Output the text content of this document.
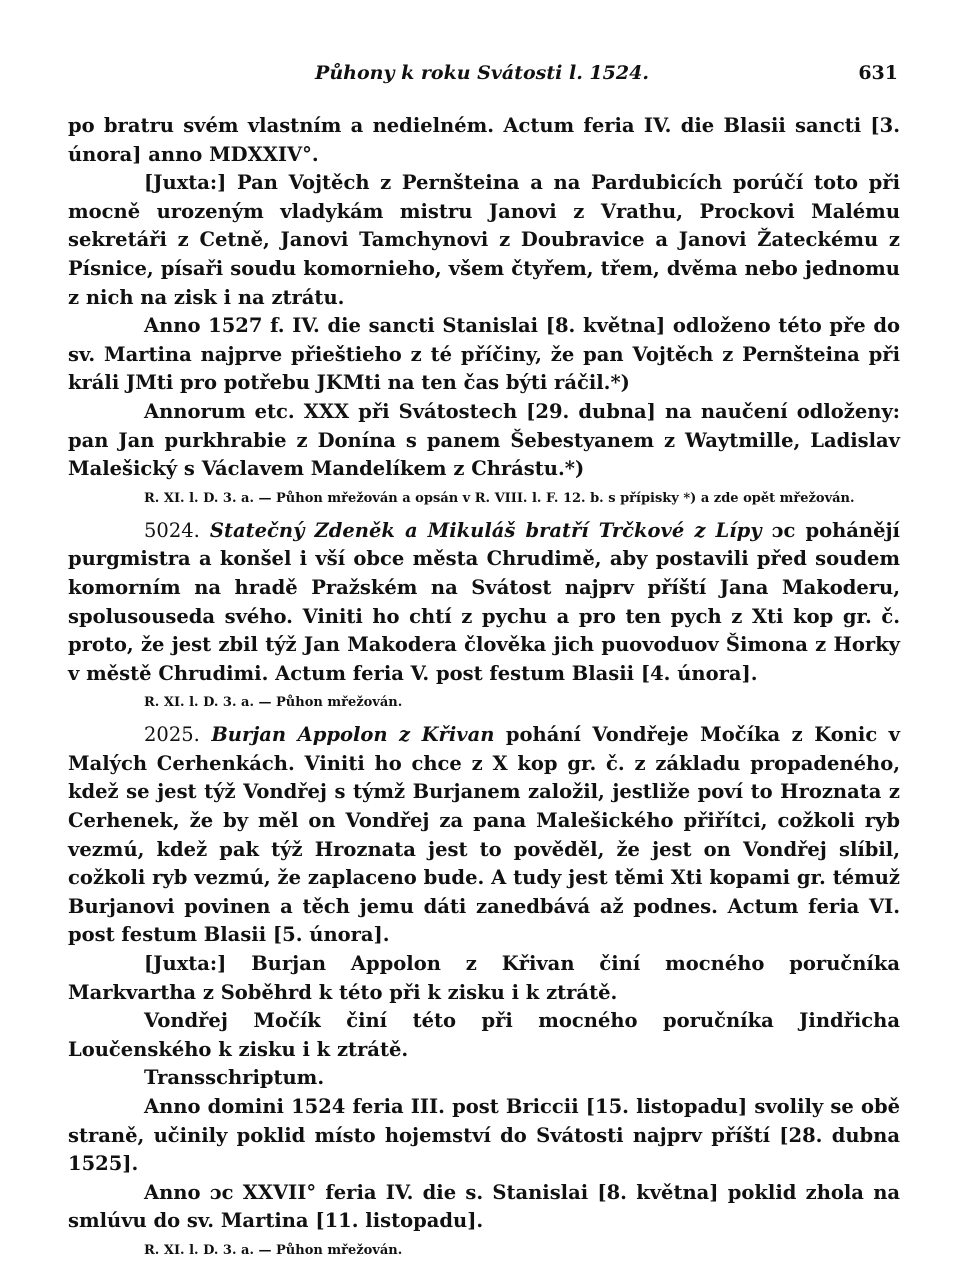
Půhony k roku Svátosti l. 1524.	631

po bratru svém vlastním a nedielném. Actum feria IV. die Blasii sancti [3. února] anno MDXXIV°.

[Juxta:] Pan Vojtěch z Pernšteina a na Pardubicích porúčí toto při mocně urozeným vladykám mistru Janovi z Vrathu, Prockovi Malému sekretáři z Cetně, Janovi Tamchynovi z Doubravice a Janovi Žateckému z Písnice, písaři soudu komornieho, všem čtyřem, třem, dvěma nebo jednomu z nich na zisk i na ztrátu.

Anno 1527 f. IV. die sancti Stanislai [8. května] odloženo této pře do sv. Martina najprve přieštieho z té příčiny, že pan Vojtěch z Pernšteina při králi JMti pro potřebu JKMti na ten čas býti ráčil.*)

Annorum etc. XXX při Svátostech [29. dubna] na naučení odloženy: pan Jan purkhrabie z Donína s panem Šebestyanem z Waytmille, Ladislav Malešický s Václavem Mandelíkem z Chrástu.*)

R. XI. l. D. 3. a. — Půhon mřežován a opsán v R. VIII. l. F. 12. b. s přípisky *) a zde opět mřežován.

5024. Statečný Zdeněk a Mikuláš bratří Trčkové z Lípy ɔc pohánějí purgmistra a konšel i vší obce města Chrudimě, aby postavili před soudem komorním na hradě Pražském na Svátost najprv příští Jana Makoderu, spolusouseda svého. Viniti ho chtí z pychu a pro ten pych z Xti kop gr. č. proto, že jest zbil týž Jan Makodera člověka jich puovoduov Šimona z Horky v městě Chrudimi. Actum feria V. post festum Blasii [4. února].

R. XI. l. D. 3. a. — Půhon mřežován.

2025. Burjan Appolon z Křivan pohání Vondřeje Močíka z Konic v Malých Cerhenkách. Viniti ho chce z X kop gr. č. z základu propadeného, kdež se jest týž Vondřej s týmž Burjanem založil, jestliže poví to Hroznata z Cerhenek, že by měl on Vondřej za pana Malešického přiřítci, cožkoli ryb vezmú, kdež pak týž Hroznata jest to pověděl, že jest on Vondřej slíbil, cožkoli ryb vezmú, že zaplaceno bude. A tudy jest těmi Xti kopami gr. témuž Burjanovi povinen a těch jemu dáti zanedbává až podnes. Actum feria VI. post festum Blasii [5. února].

[Juxta:] Burjan Appolon z Křivan činí mocného poručníka Markvartha z Soběhrd k této při k zisku i k ztrátě.

Vondřej Močík činí této při mocného poručníka Jindřicha Loučenského k zisku i k ztrátě.

Transschriptum.

Anno domini 1524 feria III. post Briccii [15. listopadu] svolily se obě straně, učinily poklid místo hojemství do Svátosti najprv příští [28. dubna 1525].

Anno ɔc XXVII° feria IV. die s. Stanislai [8. května] poklid zhola na smlúvu do sv. Martina [11. listopadu].

R. XI. l. D. 3. a. — Půhon mřežován.
